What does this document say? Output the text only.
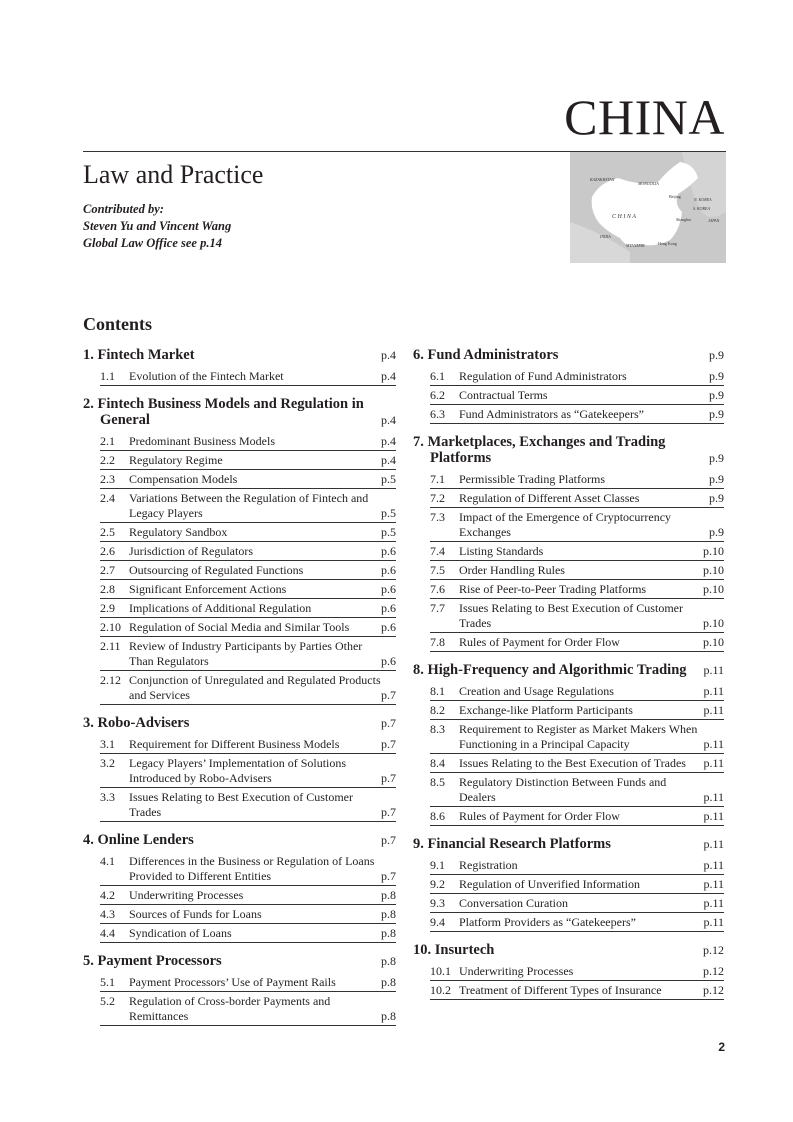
CHINA
Law and Practice
Contributed by:
Steven Yu and Vincent Wang
Global Law Office see p.14
KAZAKHSTAN
MONGOLIA
Beijing
N. KOREA
S. KOREA
C H I N A	Shanghai	JAPAN
INDIA
MYANMAR	Hong Kong
Contents
1. Fintech Market	p.4
1.1	Evolution of the Fintech Market	p.4
2. Fintech Business Models and Regulation in General	p.4
2.1	Predominant Business Models	p.4
2.2	Regulatory Regime	p.4
2.3	Compensation Models	p.5
2.4	Variations Between the Regulation of Fintech and Legacy Players	p.5
2.5	Regulatory Sandbox	p.5
2.6	Jurisdiction of Regulators	p.6
2.7	Outsourcing of Regulated Functions	p.6
2.8	Significant Enforcement Actions	p.6
2.9	Implications of Additional Regulation	p.6
2.10 Regulation of Social Media and Similar Tools	p.6
2.11 Review of Industry Participants by Parties Other Than Regulators	p.6
2.12 Conjunction of Unregulated and Regulated Products and Services	p.7
3. Robo-Advisers	p.7
3.1	Requirement for Different Business Models	p.7
3.2	Legacy Players’ Implementation of Solutions Introduced by Robo-Advisers	p.7
3.3	Issues Relating to Best Execution of Customer Trades	p.7
4. Online Lenders	p.7
4.1	Differences in the Business or Regulation of Loans Provided to Different Entities	p.7
4.2	Underwriting Processes	p.8
4.3	Sources of Funds for Loans	p.8
4.4	Syndication of Loans	p.8
5. Payment Processors	p.8
5.1	Payment Processors’ Use of Payment Rails	p.8
5.2	Regulation of Cross-border Payments and Remittances	p.8
6. Fund Administrators	p.9
6.1	Regulation of Fund Administrators	p.9
6.2	Contractual Terms	p.9
6.3	Fund Administrators as “Gatekeepers”	p.9
7. Marketplaces, Exchanges and Trading Platforms	p.9
7.1	Permissible Trading Platforms	p.9
7.2	Regulation of Different Asset Classes	p.9
7.3	Impact of the Emergence of Cryptocurrency Exchanges	p.9
7.4	Listing Standards	p.10
7.5	Order Handling Rules	p.10
7.6	Rise of Peer-to-Peer Trading Platforms	p.10
7.7	Issues Relating to Best Execution of Customer Trades	p.10
7.8	Rules of Payment for Order Flow	p.10
8. High-Frequency and Algorithmic Trading	p.11
8.1	Creation and Usage Regulations	p.11
8.2	Exchange-like Platform Participants	p.11
8.3	Requirement to Register as Market Makers When Functioning in a Principal Capacity	p.11
8.4	Issues Relating to the Best Execution of Trades	p.11
8.5	Regulatory Distinction Between Funds and Dealers	p.11
8.6	Rules of Payment for Order Flow	p.11
9. Financial Research Platforms	p.11
9.1	Registration	p.11
9.2	Regulation of Unverified Information	p.11
9.3	Conversation Curation	p.11
9.4	Platform Providers as “Gatekeepers”	p.11
10. Insurtech	p.12
10.1 Underwriting Processes	p.12
10.2 Treatment of Different Types of Insurance	p.12
2
